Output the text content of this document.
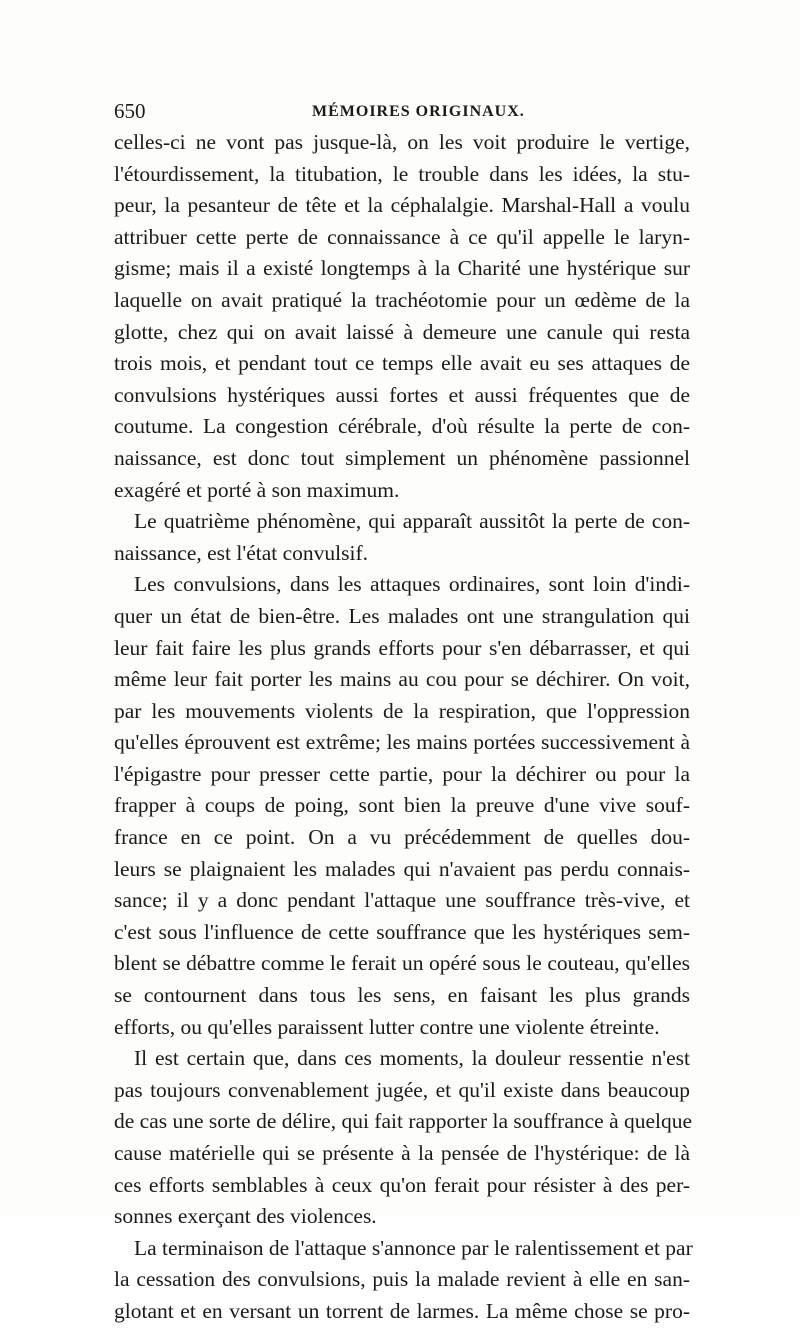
650	MÉMOIRES ORIGINAUX.
celles-ci ne vont pas jusque-là, on les voit produire le vertige,
l'étourdissement, la titubation, le trouble dans les idées, la stu-
peur, la pesanteur de tête et la céphalalgie. Marshal-Hall a voulu
attribuer cette perte de connaissance à ce qu'il appelle le laryn-
gisme; mais il a existé longtemps à la Charité une hystérique sur
laquelle on avait pratiqué la trachéotomie pour un œdème de la
glotte, chez qui on avait laissé à demeure une canule qui resta
trois mois, et pendant tout ce temps elle avait eu ses attaques de
convulsions hystériques aussi fortes et aussi fréquentes que de
coutume. La congestion cérébrale, d'où résulte la perte de con-
naissance, est donc tout simplement un phénomène passionnel
exagéré et porté à son maximum.
Le quatrième phénomène, qui apparaît aussitôt la perte de con-
naissance, est l'état convulsif.
Les convulsions, dans les attaques ordinaires, sont loin d'indi-
quer un état de bien-être. Les malades ont une strangulation qui
leur fait faire les plus grands efforts pour s'en débarrasser, et qui
même leur fait porter les mains au cou pour se déchirer. On voit,
par les mouvements violents de la respiration, que l'oppression
qu'elles éprouvent est extrême; les mains portées successivement à
l'épigastre pour presser cette partie, pour la déchirer ou pour la
frapper à coups de poing, sont bien la preuve d'une vive souf-
france en ce point. On a vu précédemment de quelles dou-
leurs se plaignaient les malades qui n'avaient pas perdu connais-
sance; il y a donc pendant l'attaque une souffrance très-vive, et
c'est sous l'influence de cette souffrance que les hystériques sem-
blent se débattre comme le ferait un opéré sous le couteau, qu'elles
se contournent dans tous les sens, en faisant les plus grands
efforts, ou qu'elles paraissent lutter contre une violente étreinte.
Il est certain que, dans ces moments, la douleur ressentie n'est
pas toujours convenablement jugée, et qu'il existe dans beaucoup
de cas une sorte de délire, qui fait rapporter la souffrance à quelque
cause matérielle qui se présente à la pensée de l'hystérique: de là
ces efforts semblables à ceux qu'on ferait pour résister à des per-
sonnes exerçant des violences.
La terminaison de l'attaque s'annonce par le ralentissement et par
la cessation des convulsions, puis la malade revient à elle en san-
glotant et en versant un torrent de larmes. La même chose se pro-
